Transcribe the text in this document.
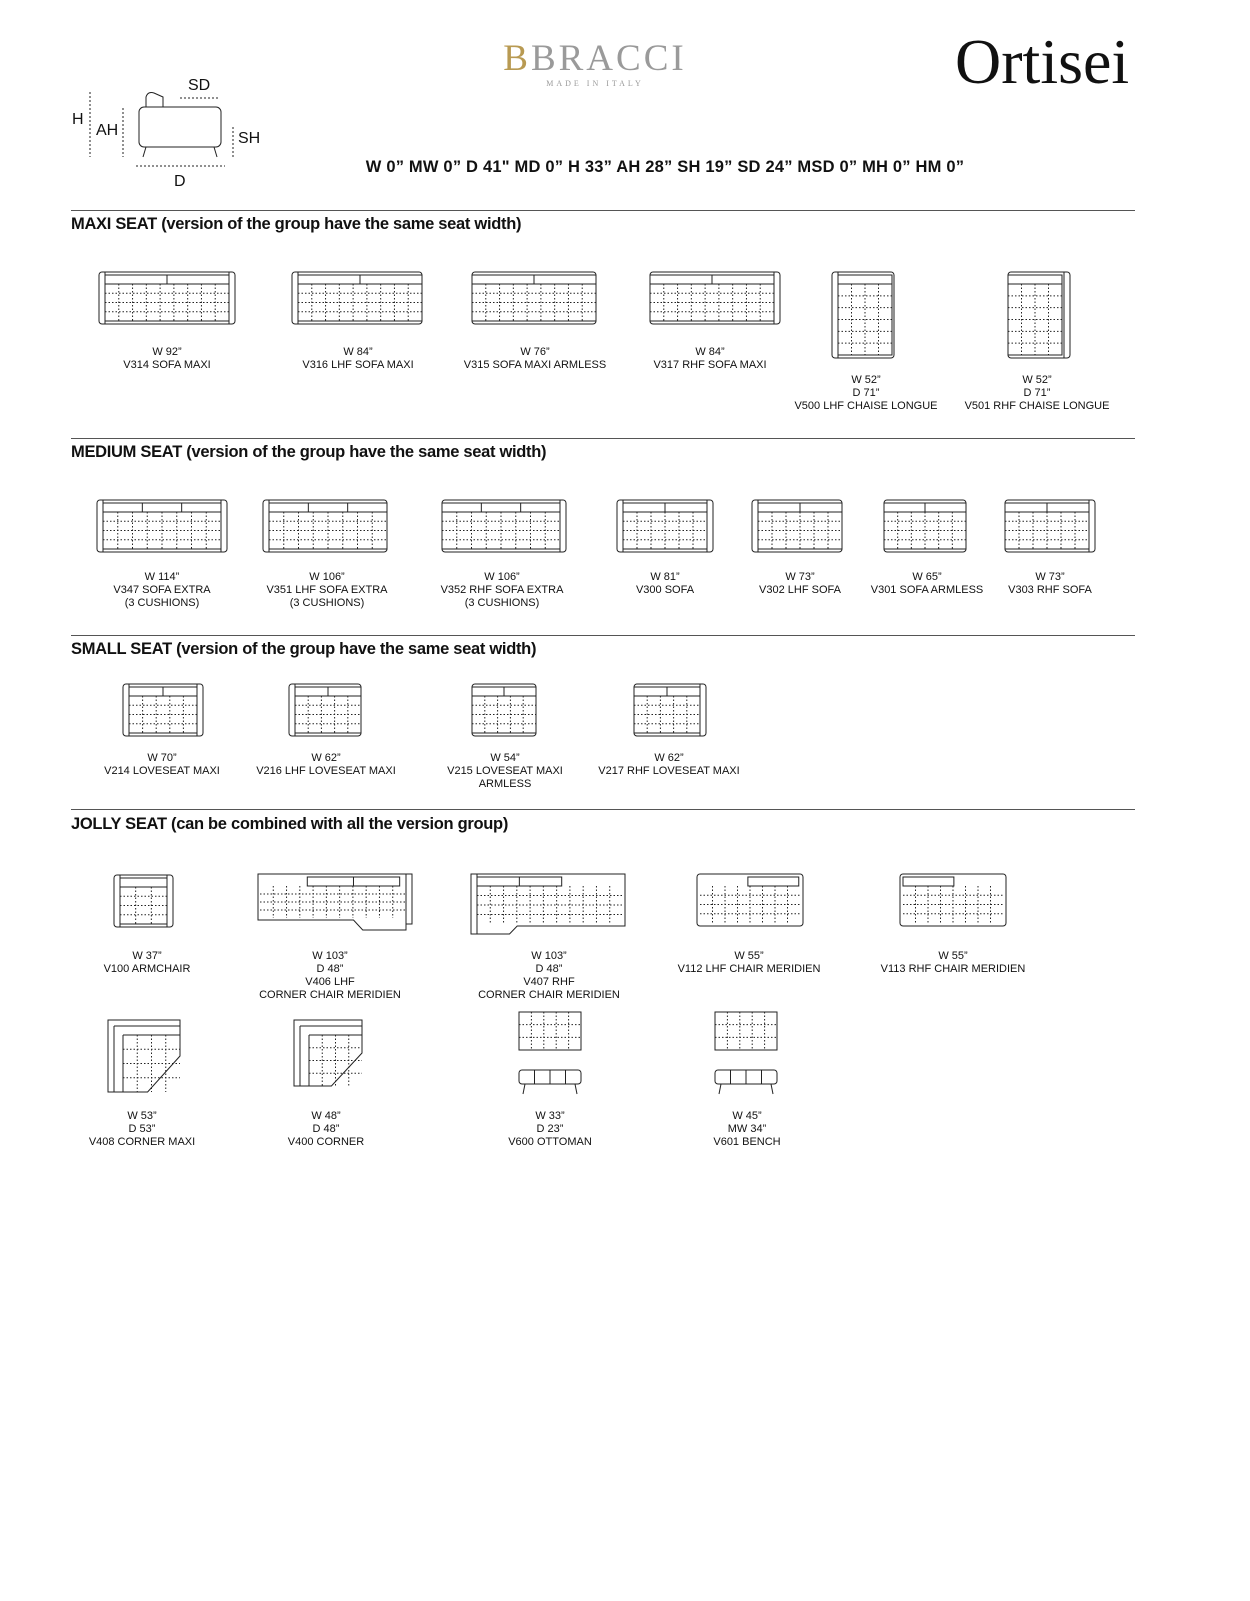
BBRACCI
MADE IN ITALY	Ortisei
H
AH
SD
SH
D
W 0” MW 0” D 41" MD 0” H 33” AH 28” SH 19” SD 24” MSD 0” MH 0” HM 0”
MAXI SEAT (version of the group have the same seat width)
MEDIUM SEAT (version of the group have the same seat width)
SMALL SEAT (version of the group have the same seat width)
JOLLY SEAT (can be combined with all the version group)
W 92”
V314 SOFA MAXI
W 84”
V316 LHF SOFA MAXI
W 76”
V315 SOFA MAXI ARMLESS
W 84”
V317 RHF SOFA MAXI
W 52”
D 71”
V500 LHF CHAISE LONGUE
W 52”
D 71”
V501 RHF CHAISE LONGUE
W 114”
V347 SOFA EXTRA
(3 CUSHIONS)
W 106”
V351 LHF SOFA EXTRA
(3 CUSHIONS)
W 106”
V352 RHF SOFA EXTRA
(3 CUSHIONS)
W 81”
V300 SOFA
W 73”
V302 LHF SOFA
W 65”
V301 SOFA ARMLESS
W 73”
V303 RHF SOFA
W 70”
V214 LOVESEAT MAXI
W 62”
V216 LHF LOVESEAT MAXI
W 54”
V215 LOVESEAT MAXI
ARMLESS
W 62”
V217 RHF LOVESEAT MAXI
W 37”
V100 ARMCHAIR
W 103”
D 48”
V406 LHF
CORNER CHAIR MERIDIEN
W 103”
D 48”
V407 RHF
CORNER CHAIR MERIDIEN
W 55”
V112 LHF CHAIR MERIDIEN
W 55”
V113 RHF CHAIR MERIDIEN
W 53”
D 53”
V408 CORNER MAXI
W 48”
D 48”
V400 CORNER
W 33”
D 23”
V600 OTTOMAN
W 45”
MW 34”
V601 BENCH
